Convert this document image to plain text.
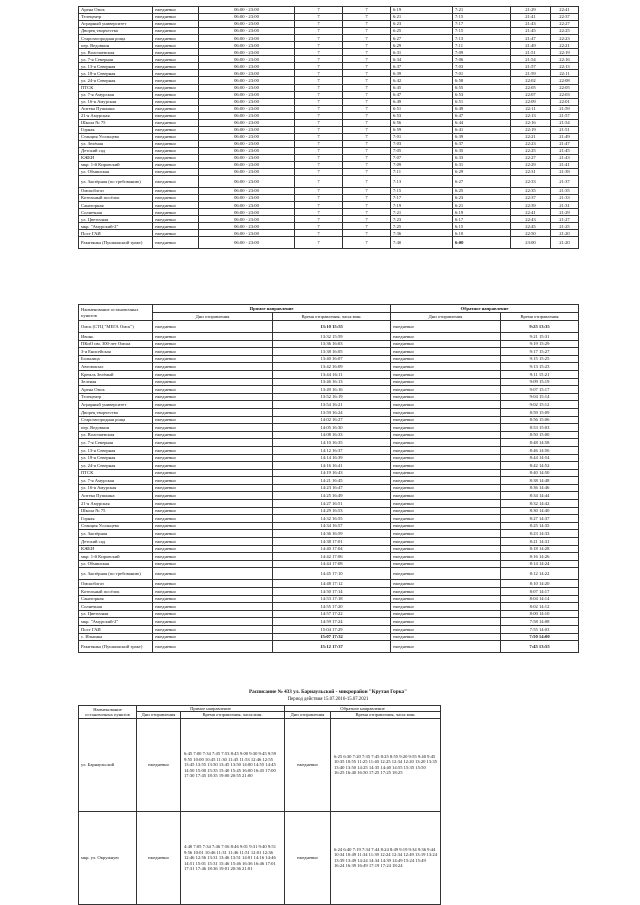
Арена Омск	ежедневно	06:00 - 23:00	7	7	6:19	7:21	21:29	22:41
Телецентр	ежедневно	06:00 - 23:00	7	7	6:21	7:15	21:41	22:37
Аграрный университет	ежедневно	06:00 - 23:00	7	7	6:23	7:17	21:43	22:27
Дворец творчества	ежедневно	06:00 - 23:00	7	7	6:25	7:15	21:45	22:25
Старозагородная роща	ежедневно	06:00 - 23:00	7	7	6:27	7:13	21:47	22:23
пер. Ведовкин	ежедневно	06:00 - 23:00	7	7	6:29	7:11	21:49	22:21
ул. Волочаевская	ежедневно	06:00 - 23:00	7	7	6:31	7:09	21:51	22:19
ул. 7-я Северная	ежедневно	06:00 - 23:00	7	7	6:34	7:06	21:54	22:16
ул. 13-я Северная	ежедневно	06:00 - 23:00	7	7	6:37	7:03	21:57	22:13
ул. 18-я Северная	ежедневно	06:00 - 23:00	7	7	6:39	7:01	21:59	22:11
ул. 24-я Северная	ежедневно	06:00 - 23:00	7	7	6:42	6:58	22:02	22:08
ПТСК	ежедневно	06:00 - 23:00	7	7	6:45	6:55	22:05	22:05
ул. 7-я Амурская	ежедневно	06:00 - 23:00	7	7	6:47	6:53	22:07	22:03
ул. 16-я Амурская	ежедневно	06:00 - 23:00	7	7	6:49	6:51	22:09	22:01
Аптека Пушкина	ежедневно	06:00 - 23:00	7	7	6:51	6:49	22:11	21:59
21-я Амурская	ежедневно	06:00 - 23:00	7	7	6:53	6:47	22:13	21:57
Школа № 75	ежедневно	06:00 - 23:00	7	7	6:56	6:44	22:16	21:54
Горная	ежедневно	06:00 - 23:00	7	7	6:59	6:41	22:19	21:51
Станция Усольцева	ежедневно	06:00 - 23:00	7	7	7:01	6:39	22:21	21:49
ул. Зелёная	ежедневно	06:00 - 23:00	7	7	7:03	6:37	22:23	21:47
Детский сад	ежедневно	06:00 - 23:00	7	7	7:05	6:35	22:25	21:45
КЖБИ	ежедневно	06:00 - 23:00	7	7	7:07	6:33	22:27	21:43
мкр. 1-й Кировский	ежедневно	06:00 - 23:00	7	7	7:09	6:31	22:29	21:41
ул. Обнинская	ежедневно	06:00 - 23:00	7	7	7:11	6:29	22:31	21:39
ул. Заозёрная (по требованию)	ежедневно	06:00 - 23:00	7	7	7:13	6:27	22:33	21:37
Омскоблгаз	ежедневно	06:00 - 23:00	7	7	7:15	6:25	22:35	21:35
Котельный посёлок	ежедневно	06:00 - 23:00	7	7	7:17	6:23	22:37	21:33
Санаторная	ежедневно	06:00 - 23:00	7	7	7:19	6:21	22:39	21:31
Солнечная	ежедневно	06:00 - 23:00	7	7	7:21	6:19	22:41	21:29
ул. Цветочная	ежедневно	06:00 - 23:00	7	7	7:23	6:17	22:43	21:27
мкр. "Амурский-2"	ежедневно	06:00 - 23:00	7	7	7:25	6:15	22:45	21:25
Пост ГАИ	ежедневно	06:00 - 23:00	7	7	7:36	6:10	22:50	21:20
Ракитянка (Пушкинский тракт)	ежедневно	06:00 - 23:00	7	7	7:40	6:00	23:00	21:20
Наименование остановочных пунктов	Прямое направление		Обратное направление	
	Дни отправления	Время отправления, часы:мин.	Дни отправления	Время отправления
Омск (СТЦ "МЕГА Омск")	ежедневно	13:10 15:55	ежедневно	9:25 13:35
Ивонь	ежедневно	13:32 15:59	ежедневно	9:21 15:31
ПКиО им. 300-лет Омска	ежедневно	13:36 16:03	ежедневно	9:19 15:29
3-я Енисейская	ежедневно	13:38 16:05	ежедневно	9:17 15:27
Больница	ежедневно	13:40 16:07	ежедневно	9:15 15:25
Автовокзал	ежедневно	13:42 16:09	ежедневно	9:13 15:23
Кремль Зелёный	ежедневно	13:44 16:11	ежедневно	9:11 15:21
Зеленая	ежедневно	13:46 16:13	ежедневно	9:09 15:19
Арена Омск	ежедневно	13:49 16:16	ежедневно	9:07 15:17
Телецентр	ежедневно	13:52 16:19	ежедневно	9:04 15:14
Аграрный университет	ежедневно	13:54 16:21	ежедневно	9:02 15:12
Дворец творчества	ежедневно	13:59 16:24	ежедневно	8:59 15:09
Старозагородная роща	ежедневно	14:02 16:27	ежедневно	8:56 15:06
пер. Ведовкин	ежедневно	14:05 16:30	ежедневно	8:53 15:03
ул. Волочаевская	ежедневно	14:08 16:33	ежедневно	8:50 15:00
ул. 7-я Северная	ежедневно	14:10 16:35	ежедневно	8:48 14:58
ул. 13-я Северная	ежедневно	14:12 16:37	ежедневно	8:46 14:56
ул. 18-я Северная	ежедневно	14:14 16:39	ежедневно	8:44 14:54
ул. 24-я Северная	ежедневно	14:16 16:41	ежедневно	8:42 14:52
ПТСК	ежедневно	14:19 16:43	ежедневно	8:40 14:50
ул. 7-я Амурская	ежедневно	14:21 16:45	ежедневно	8:38 14:48
ул. 16-я Амурская	ежедневно	14:23 16:47	ежедневно	8:36 14:46
Аптека Пушкина	ежедневно	14:25 16:49	ежедневно	8:34 14:44
21-я Амурская	ежедневно	14:27 16:51	ежедневно	8:32 14:42
Школа № 75	ежедневно	14:29 16:53	ежедневно	8:30 14:40
Горная	ежедневно	14:32 16:55	ежедневно	8:27 14:37
Станция Усольцева	ежедневно	14:34 16:57	ежедневно	8:25 14:35
ул. Заозёрная	ежедневно	14:36 16:59	ежедневно	8:23 14:33
Детский сад	ежедневно	14:38 17:01	ежедневно	8:21 14:31
КЖБИ	ежедневно	14:40 17:04	ежедневно	8:18 14:28
мкр. 1-й Кировский	ежедневно	14:42 17:06	ежедневно	8:16 14:26
ул. Обнинская	ежедневно	14:44 17:08	ежедневно	8:14 14:24
ул. Заозёрная (по требованию)	ежедневно	14:45 17:10	ежедневно	8:12 14:22
Омскоблгаз	ежедневно	14:48 17:12	ежедневно	8:10 14:20
Котельный посёлок	ежедневно	14:50 17:14	ежедневно	8:07 14:17
Санаторная	ежедневно	14:53 17:18	ежедневно	8:04 14:14
Солнечная	ежедневно	14:55 17:20	ежедневно	8:02 14:12
ул. Цветочная	ежедневно	14:57 17:22	ежедневно	8:00 14:10
мкр. "Амурский-2"	ежедневно	14:59 17:24	ежедневно	7:58 14:08
Пост ГАИ	ежедневно	15:04 17:29	ежедневно	7:55 14:03
с. Ильинка	ежедневно	15:07 17:32	ежедневно	7:50 14:00
Ракитянка (Пушкинский тракт)	ежедневно	15:12 17:37	ежедневно	7:45 13:55
Расписание № 433 ул. Барнаульской - микрорайон "Крутая Горка"
Период действия 15.07.2016-15.07.2021
Наименование остановочных пунктов	Прямое направление		Обратное направление		
	Дни отправления	Время отправления, часы:мин.	Дни отправления	Время отправления, часы:мин.	
ул. Барнаульской	ежедневно	6:45 7:00 7:34 7:45 7:53 8:45 9:00 9:30 9:45 9:59 9:55 10:00 10:45 11:30 11:45 11:53 12:46 12:55 13:45 13:55 13:50 13:45 13:50 14:00 14:55 14:45 14:50 15:00 15:35 15:40 15:45 16:00 16:45 17:00 17:30 17:45 18:35 19:00 20:55 21:00	ежедневно	6:25 6:30 7:20 7:35 7:45 8:25 8:55 9:20 9:55 9:40 9:45 10:35 10:55 11:25 11:40 12:25 12:34 12:20 13:20 13:35 13:40 13:50 14:25 14:35 14:40 14:55 15:35 15:50 16:25 16:40 16:50 17:25 17:25 18:25	
мкр. ул. Окружную	ежедневно	4:40 7:05 7:34 7:46 7:56 8:46 9:01 9:31 9:40 9:51 9:56 10:01 10:46 11:31 11:46 11:51 12:01 12:36 12:46 12:56 13:31 13:46 13:51 14:01 14:16 14:46 14:51 15:01 15:31 15:46 15:46 16:36 16:46 17:01 17:31 17:46 18:36 19:01 20:36 21:01	ежедневно	6:24 6:40 7:19 7:34 7:44 8:24 8:49 9:19 9:34 9:36 9:44 10:34 10:49 11:34 11:39 12:24 12:34 12:49 13:19 13:24 13:39 13:49 14:24 14:34 14:39 14:49 15:24 15:49 16:24 16:39 16:49 17:19 17:24 18:24	
